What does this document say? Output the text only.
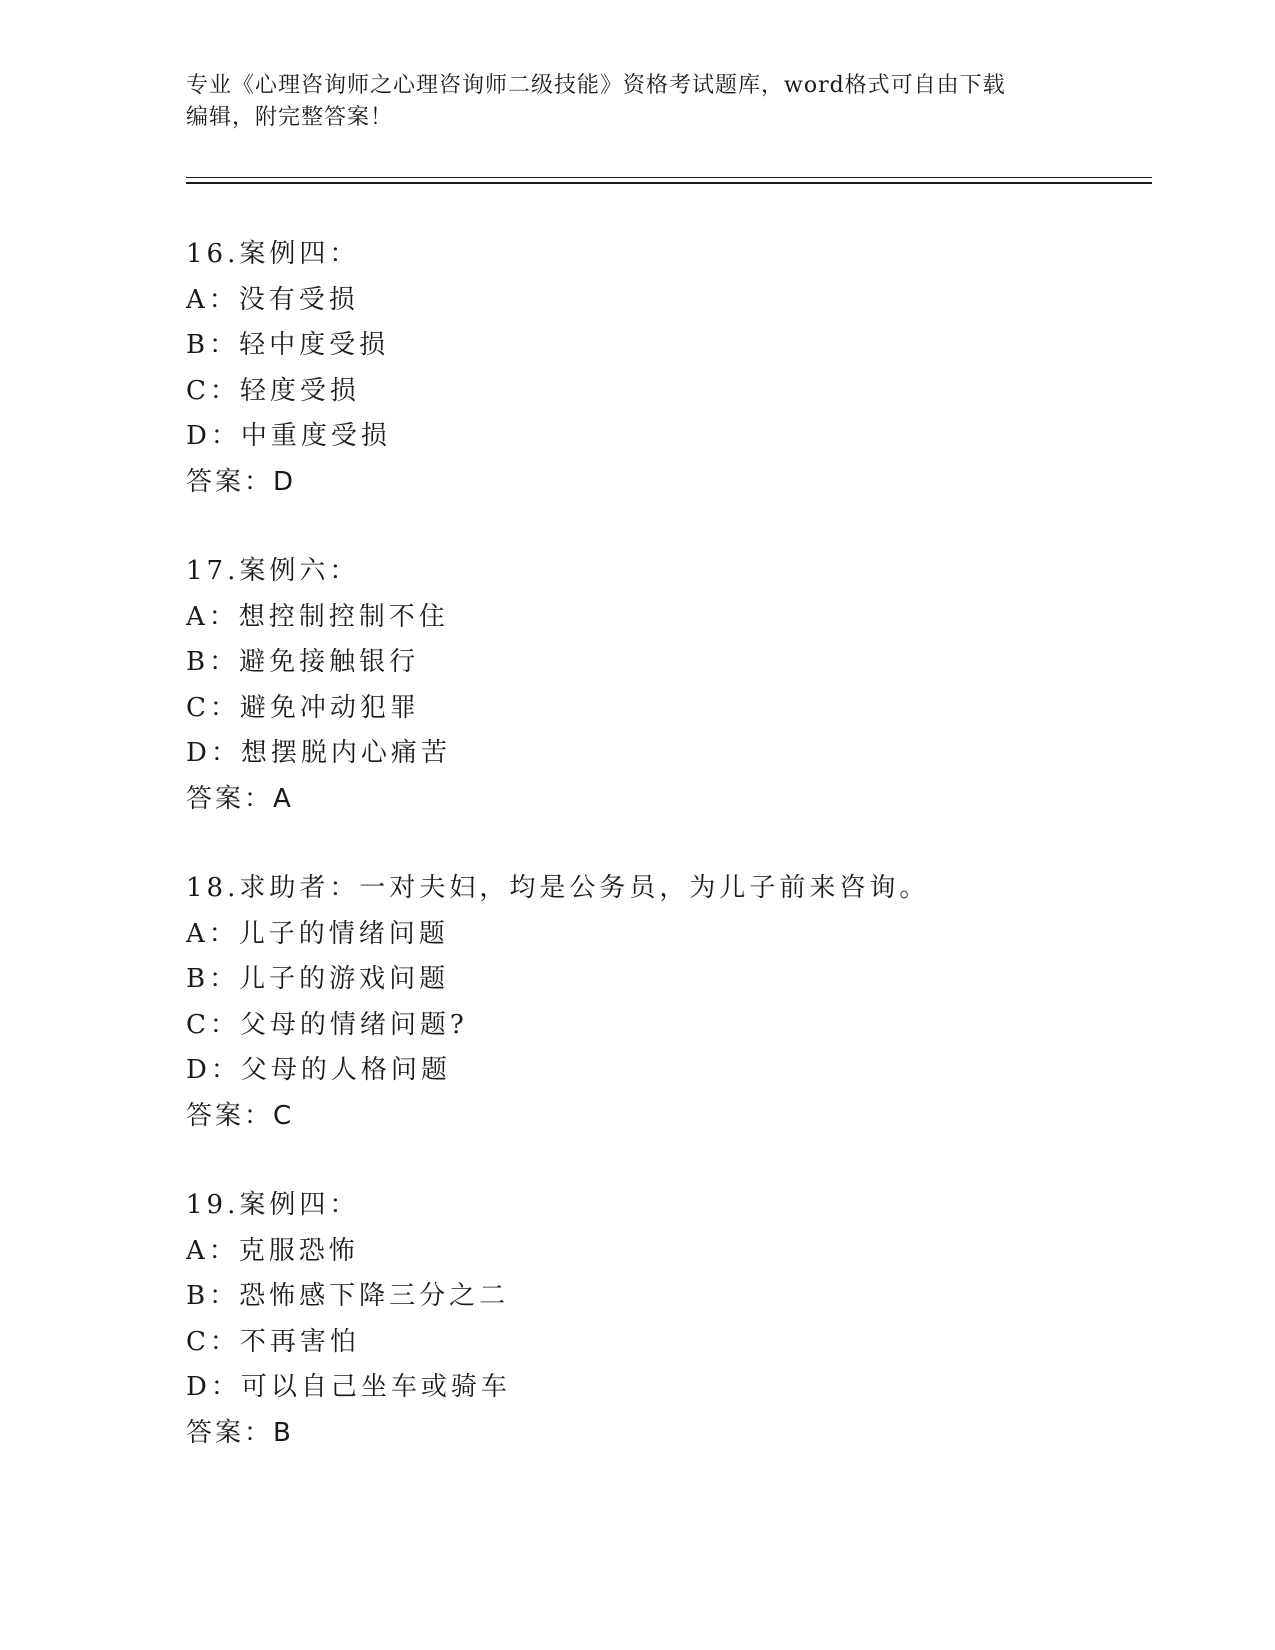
专业《心理咨询师之心理咨询师二级技能》资格考试题库，word格式可自由下载
编辑，附完整答案！
16.案例四：
A：没有受损
B：轻中度受损
C：轻度受损
D：中重度受损
答案：D
17.案例六：
A：想控制控制不住
B：避免接触银行
C：避免冲动犯罪
D：想摆脱内心痛苦
答案：A
18.求助者：一对夫妇，均是公务员，为儿子前来咨询。
A：儿子的情绪问题
B：儿子的游戏问题
C：父母的情绪问题?
D：父母的人格问题
答案：C
19.案例四：
A：克服恐怖
B：恐怖感下降三分之二
C：不再害怕
D：可以自己坐车或骑车
答案：B
